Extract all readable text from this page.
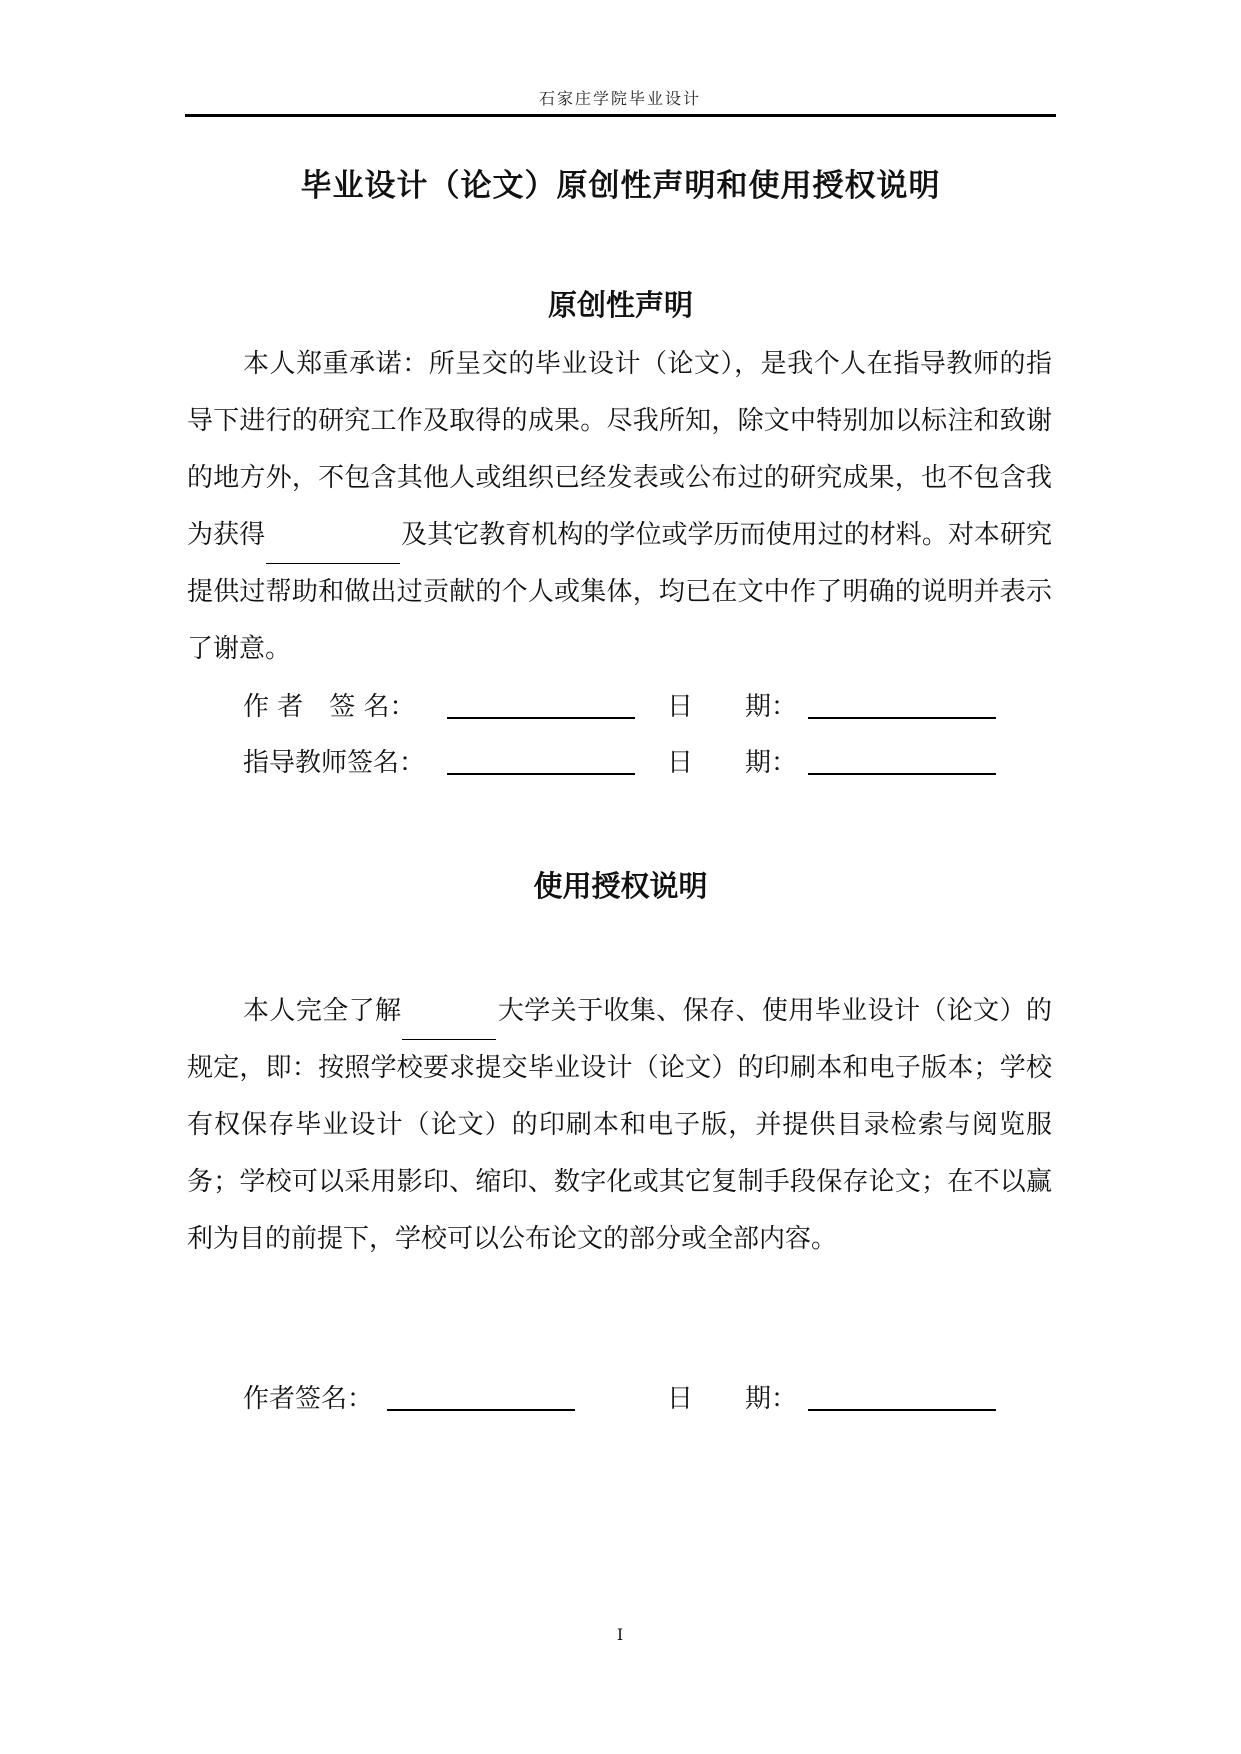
石家庄学院毕业设计
毕业设计（论文）原创性声明和使用授权说明
原创性声明
本人郑重承诺：所呈交的毕业设计（论文），是我个人在指导教师的指导下进行的研究工作及取得的成果。尽我所知，除文中特别加以标注和致谢的地方外，不包含其他人或组织已经发表或公布过的研究成果，也不包含我为获得	及其它教育机构的学位或学历而使用过的材料。对本研究提供过帮助和做出过贡献的个人或集体，均已在文中作了明确的说明并表示了谢意。
作 者　签 名：	日　　期：
指导教师签名：	日　　期：
使用授权说明
本人完全了解	大学关于收集、保存、使用毕业设计（论文）的规定，即：按照学校要求提交毕业设计（论文）的印刷本和电子版本；学校有权保存毕业设计（论文）的印刷本和电子版，并提供目录检索与阅览服务；学校可以采用影印、缩印、数字化或其它复制手段保存论文；在不以赢利为目的前提下，学校可以公布论文的部分或全部内容。
作者签名：	日　　期：
I
